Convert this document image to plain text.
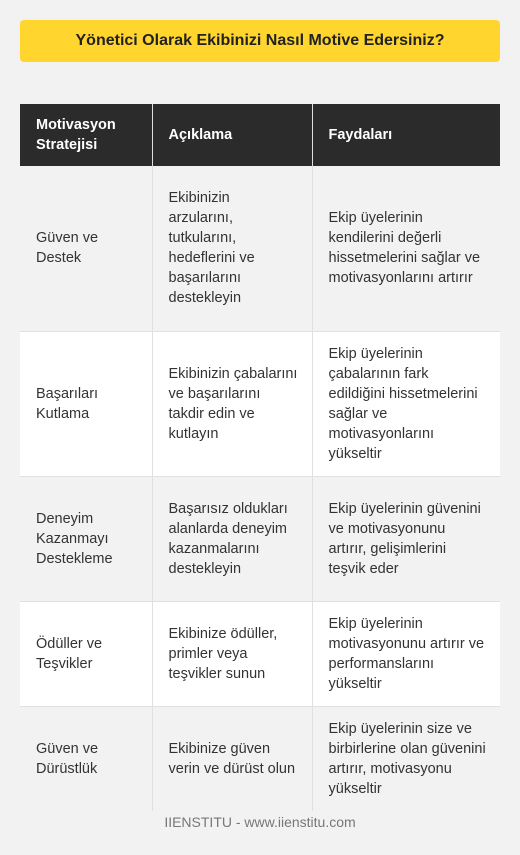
Yönetici Olarak Ekibinizi Nasıl Motive Edersiniz?
Motivasyon Stratejisi	Açıklama	Faydaları
Güven ve Destek	Ekibinizin arzularını, tutkularını, hedeflerini ve başarılarını destekleyin	Ekip üyelerinin kendilerini değerli hissetmelerini sağlar ve motivasyonlarını artırır
Başarıları Kutlama	Ekibinizin çabalarını ve başarılarını takdir edin ve kutlayın	Ekip üyelerinin çabalarının fark edildiğini hissetmelerini sağlar ve motivasyonlarını yükseltir
Deneyim Kazanmayı Destekleme	Başarısız oldukları alanlarda deneyim kazanmalarını destekleyin	Ekip üyelerinin güvenini ve motivasyonunu artırır, gelişimlerini teşvik eder
Ödüller ve Teşvikler	Ekibinize ödüller, primler veya teşvikler sunun	Ekip üyelerinin motivasyonunu artırır ve performanslarını yükseltir
Güven ve Dürüstlük	Ekibinize güven verin ve dürüst olun	Ekip üyelerinin size ve birbirlerine olan güvenini artırır, motivasyonu yükseltir
IIENSTITU - www.iienstitu.com
